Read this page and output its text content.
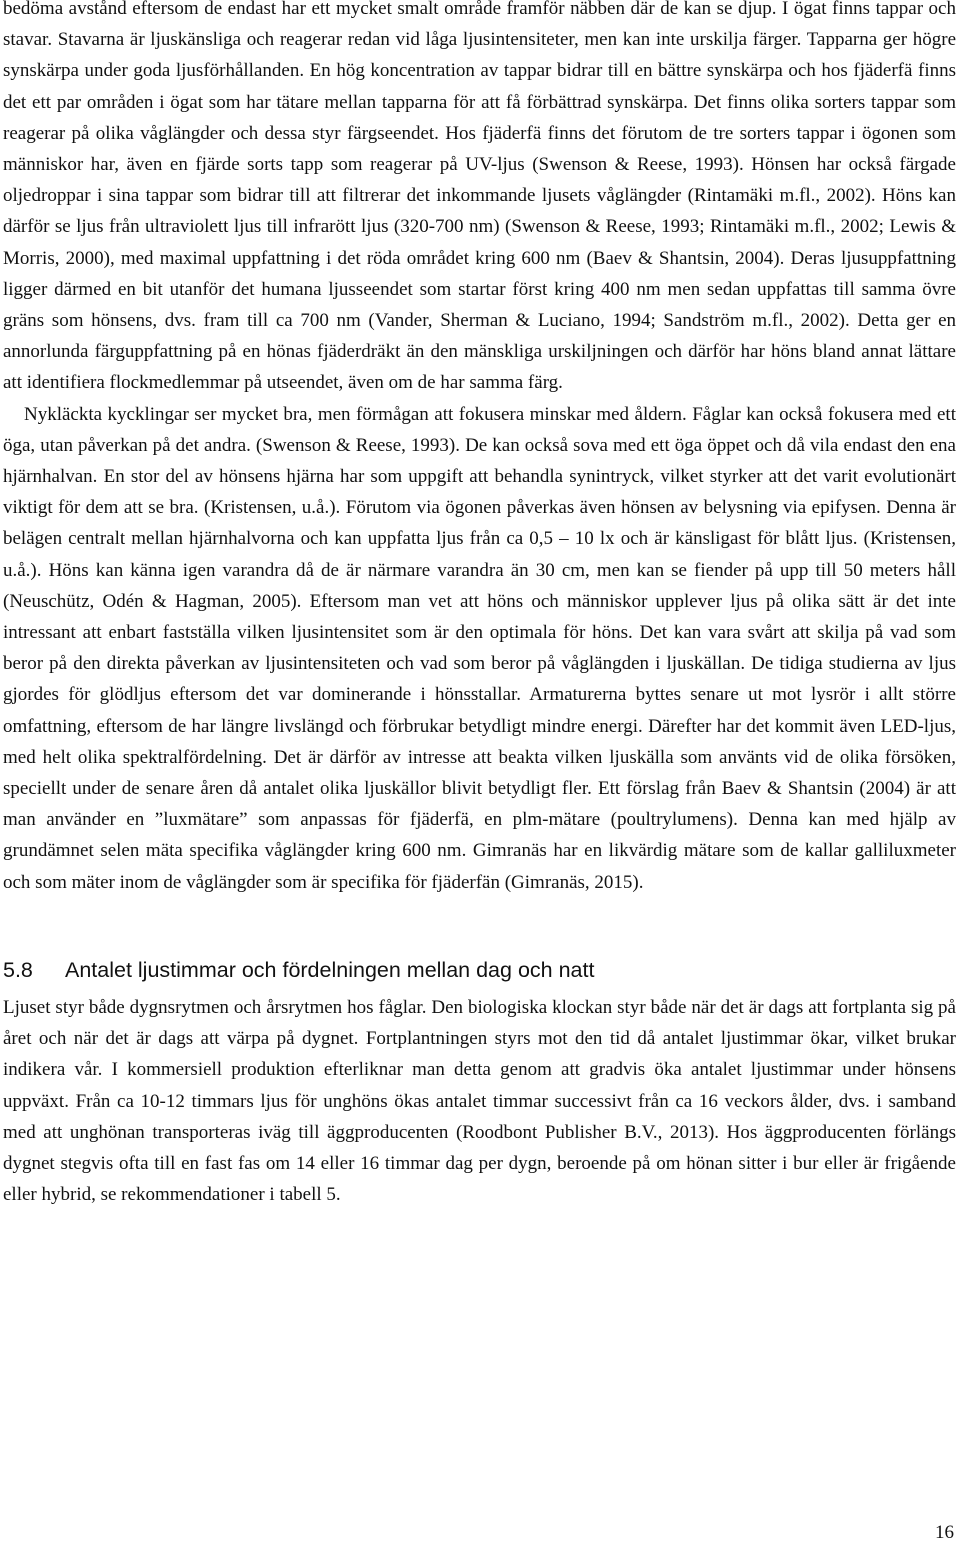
bedöma avstånd eftersom de endast har ett mycket smalt område framför näbben där de kan se djup. I ögat finns tappar och stavar. Stavarna är ljuskänsliga och reagerar redan vid låga ljusintensiteter, men kan inte urskilja färger. Tapparna ger högre synskärpa under goda ljusförhållanden. En hög koncentration av tappar bidrar till en bättre synskärpa och hos fjäderfä finns det ett par områden i ögat som har tätare mellan tapparna för att få förbättrad synskärpa. Det finns olika sorters tappar som reagerar på olika våglängder och dessa styr färgseendet. Hos fjäderfä finns det förutom de tre sorters tappar i ögonen som människor har, även en fjärde sorts tapp som reagerar på UV-ljus (Swenson & Reese, 1993). Hönsen har också färgade oljedroppar i sina tappar som bidrar till att filtrerar det inkommande ljusets våglängder (Rintamäki m.fl., 2002). Höns kan därför se ljus från ultraviolett ljus till infrarött ljus (320-700 nm) (Swenson & Reese, 1993; Rintamäki m.fl., 2002; Lewis & Morris, 2000), med maximal uppfattning i det röda området kring 600 nm (Baev & Shantsin, 2004). Deras ljusuppfattning ligger därmed en bit utanför det humana ljusseendet som startar först kring 400 nm men sedan uppfattas till samma övre gräns som hönsens, dvs. fram till ca 700 nm (Vander, Sherman & Luciano, 1994; Sandström m.fl., 2002). Detta ger en annorlunda färguppfattning på en hönas fjäderdräkt än den mänskliga urskiljningen och därför har höns bland annat lättare att identifiera flockmedlemmar på utseendet, även om de har samma färg.

Nykläckta kycklingar ser mycket bra, men förmågan att fokusera minskar med åldern. Fåglar kan också fokusera med ett öga, utan påverkan på det andra. (Swenson & Reese, 1993). De kan också sova med ett öga öppet och då vila endast den ena hjärnhalvan. En stor del av hönsens hjärna har som uppgift att behandla synintryck, vilket styrker att det varit evolutionärt viktigt för dem att se bra. (Kristensen, u.å.). Förutom via ögonen påverkas även hönsen av belysning via epifysen. Denna är belägen centralt mellan hjärnhalvorna och kan uppfatta ljus från ca 0,5 – 10 lx och är känsligast för blått ljus. (Kristensen, u.å.). Höns kan känna igen varandra då de är närmare varandra än 30 cm, men kan se fiender på upp till 50 meters håll (Neuschütz, Odén & Hagman, 2005). Eftersom man vet att höns och människor upplever ljus på olika sätt är det inte intressant att enbart fastställa vilken ljusintensitet som är den optimala för höns. Det kan vara svårt att skilja på vad som beror på den direkta påverkan av ljusintensiteten och vad som beror på våglängden i ljuskällan. De tidiga studierna av ljus gjordes för glödljus eftersom det var dominerande i hönsstallar. Armaturerna byttes senare ut mot lysrör i allt större omfattning, eftersom de har längre livslängd och förbrukar betydligt mindre energi. Därefter har det kommit även LED-ljus, med helt olika spektralfördelning. Det är därför av intresse att beakta vilken ljuskälla som använts vid de olika försöken, speciellt under de senare åren då antalet olika ljuskällor blivit betydligt fler. Ett förslag från Baev & Shantsin (2004) är att man använder en ”luxmätare” som anpassas för fjäderfä, en plm-mätare (poultrylumens). Denna kan med hjälp av grundämnet selen mäta specifika våglängder kring 600 nm. Gimranäs har en likvärdig mätare som de kallar galliluxmeter och som mäter inom de våglängder som är specifika för fjäderfän (Gimranäs, 2015).

5.8	Antalet ljustimmar och fördelningen mellan dag och natt

Ljuset styr både dygnsrytmen och årsrytmen hos fåglar. Den biologiska klockan styr både när det är dags att fortplanta sig på året och när det är dags att värpa på dygnet. Fortplantningen styrs mot den tid då antalet ljustimmar ökar, vilket brukar indikera vår. I kommersiell produktion efterliknar man detta genom att gradvis öka antalet ljustimmar under hönsens uppväxt. Från ca 10-12 timmars ljus för unghöns ökas antalet timmar successivt från ca 16 veckors ålder, dvs. i samband med att unghönan transporteras iväg till äggproducenten (Roodbont Publisher B.V., 2013). Hos äggproducenten förlängs dygnet stegvis ofta till en fast fas om 14 eller 16 timmar dag per dygn, beroende på om hönan sitter i bur eller är frigående eller hybrid, se rekommendationer i tabell 5.

16
